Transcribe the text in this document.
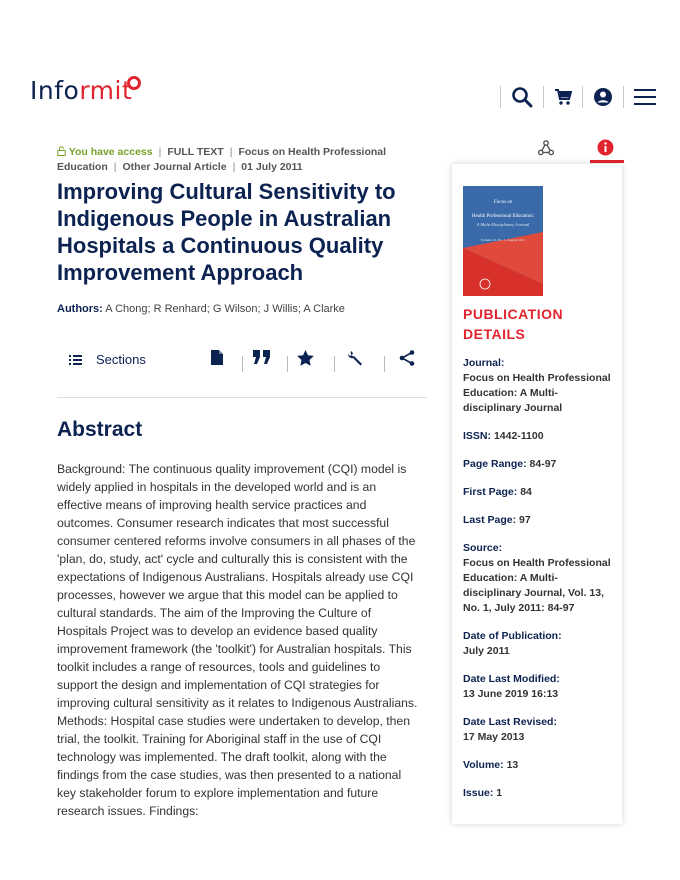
Informit
You have access | FULL TEXT | Focus on Health Professional Education | Other Journal Article | 01 July 2011
Improving Cultural Sensitivity to Indigenous People in Australian Hospitals a Continuous Quality Improvement Approach
Authors: A Chong; R Renhard; G Wilson; J Willis; A Clarke
Sections
Abstract

Background: The continuous quality improvement (CQI) model is widely applied in hospitals in the developed world and is an effective means of improving health service practices and outcomes. Consumer research indicates that most successful consumer centered reforms involve consumers in all phases of the 'plan, do, study, act' cycle and culturally this is consistent with the expectations of Indigenous Australians. Hospitals already use CQI processes, however we argue that this model can be applied to cultural standards. The aim of the Improving the Culture of Hospitals Project was to develop an evidence based quality improvement framework (the 'toolkit') for Australian hospitals. This toolkit includes a range of resources, tools and guidelines to support the design and implementation of CQI strategies for improving cultural sensitivity as it relates to Indigenous Australians. Methods: Hospital case studies were undertaken to develop, then trial, the toolkit. Training for Aboriginal staff in the use of CQI technology was implemented. The draft toolkit, along with the findings from the case studies, was then presented to a national key stakeholder forum to explore implementation and future research issues. Findings:

Focus on
Health Professional Education:
A Multi-Disciplinary Journal
Volume 13, No. 1, August 2011
PUBLICATION
DETAILS
Journal:
Focus on Health Professional Education: A Multi-disciplinary Journal
ISSN: 1442-1100
Page Range: 84-97
First Page: 84
Last Page: 97
Source:
Focus on Health Professional Education: A Multi-disciplinary Journal, Vol. 13, No. 1, July 2011: 84-97
Date of Publication:
July 2011
Date Last Modified:
13 June 2019 16:13
Date Last Revised:
17 May 2013
Volume: 13
Issue: 1
